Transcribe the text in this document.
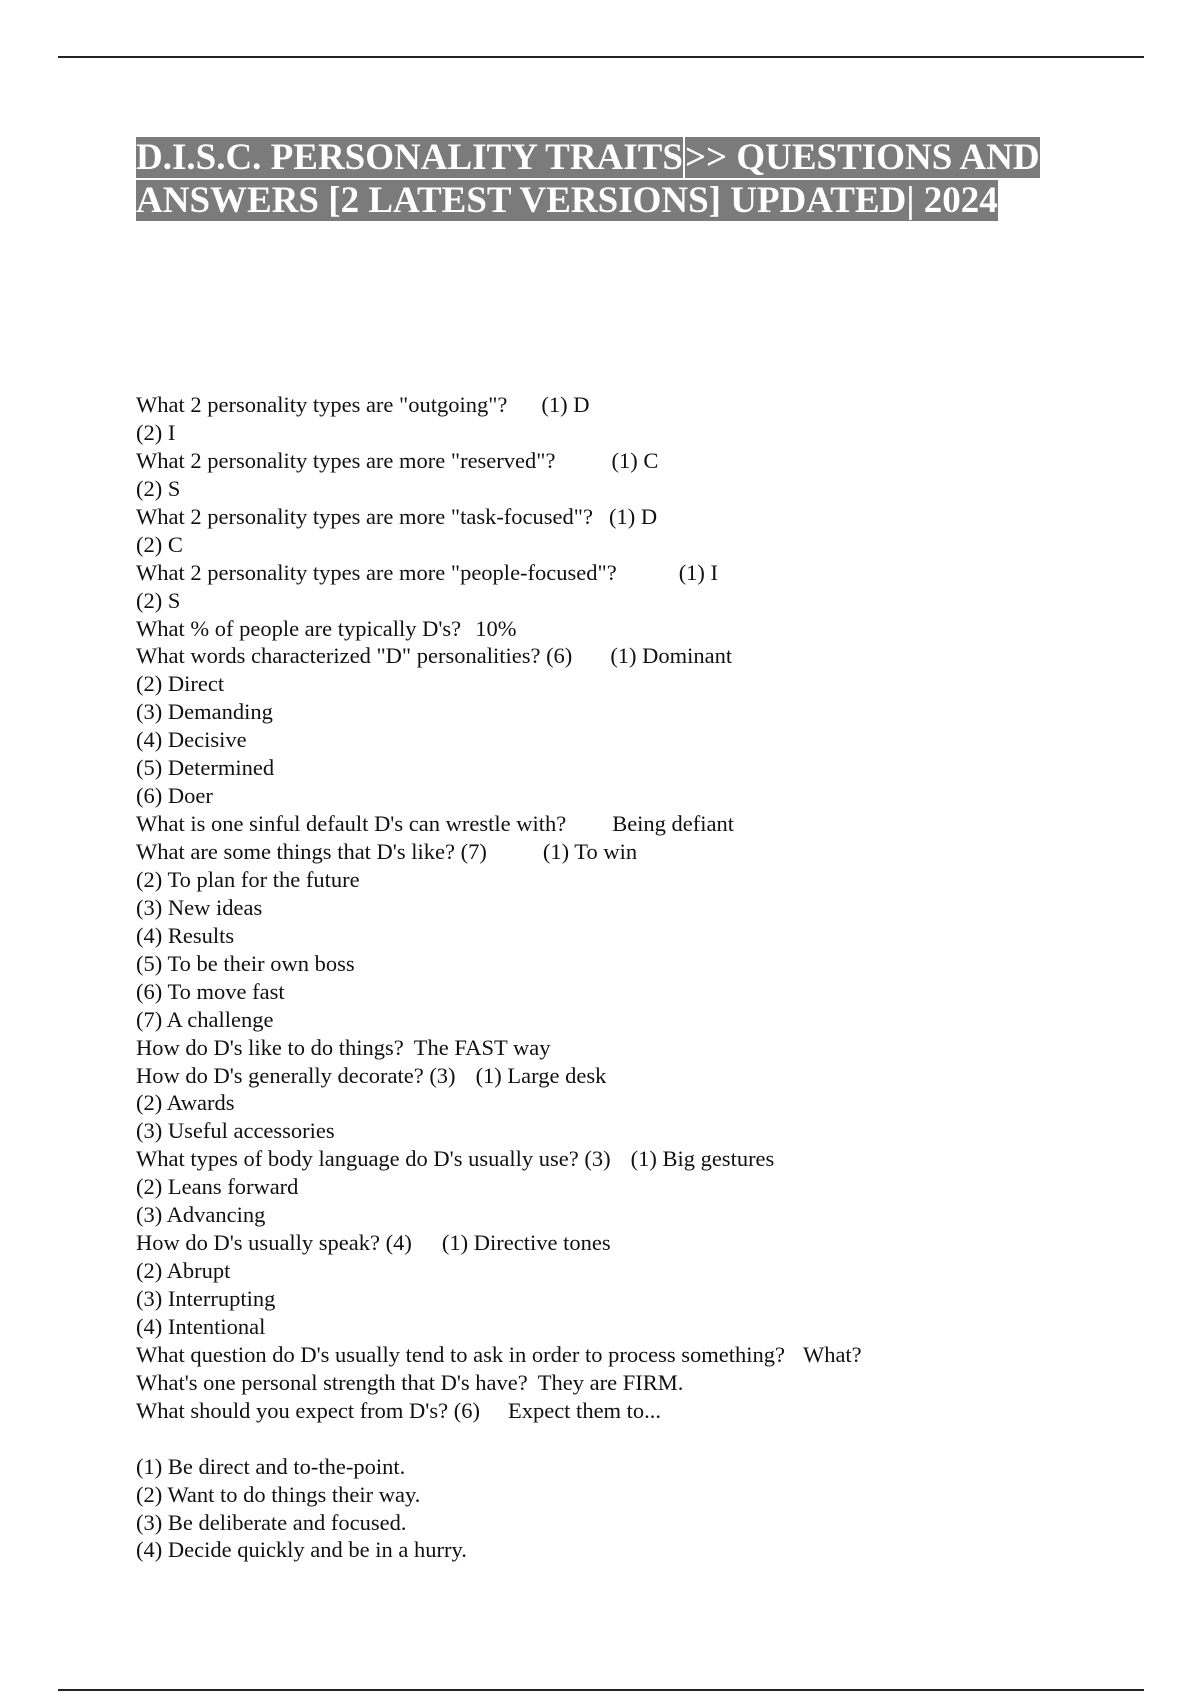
D.I.S.C. PERSONALITY TRAITS>> QUESTIONS AND
ANSWERS [2 LATEST VERSIONS] UPDATED| 2024
What 2 personality types are "outgoing"? (1) D
(2) I
What 2 personality types are more "reserved"? (1) C
(2) S
What 2 personality types are more "task-focused"? (1) D
(2) C
What 2 personality types are more "people-focused"?	(1) I
(2) S
What % of people are typically D's? 10%
What words characterized "D" personalities? (6) (1) Dominant
(2) Direct
(3) Demanding
(4) Decisive
(5) Determined
(6) Doer
What is one sinful default D's can wrestle with? Being defiant
What are some things that D's like? (7) (1) To win
(2) To plan for the future
(3) New ideas
(4) Results
(5) To be their own boss
(6) To move fast
(7) A challenge
How do D's like to do things? The FAST way
How do D's generally decorate? (3) (1) Large desk
(2) Awards
(3) Useful accessories
What types of body language do D's usually use? (3) (1) Big gestures
(2) Leans forward
(3) Advancing
How do D's usually speak? (4) (1) Directive tones
(2) Abrupt
(3) Interrupting
(4) Intentional
What question do D's usually tend to ask in order to process something? What?
What's one personal strength that D's have? They are FIRM.
What should you expect from D's? (6) Expect them to...
(1) Be direct and to-the-point.
(2) Want to do things their way.
(3) Be deliberate and focused.
(4) Decide quickly and be in a hurry.
